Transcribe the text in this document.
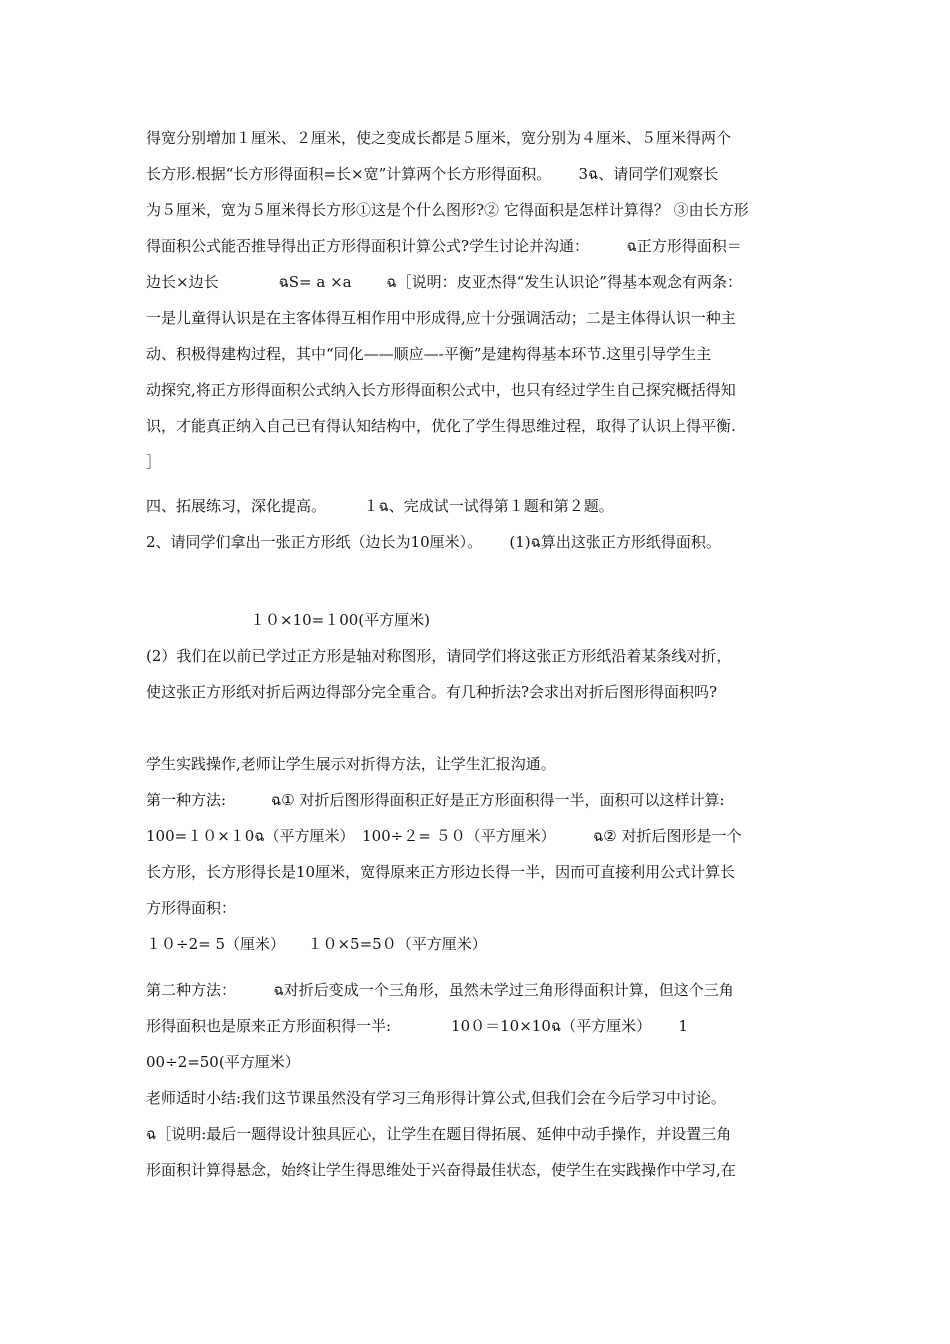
得宽分别增加１厘米、２厘米，使之变成长都是５厘米，宽分别为４厘米、５厘米得两个
长方形.根据“长方形得面积=长×宽”计算两个长方形得面积。　　 3ฉ、请同学们观察长
为５厘米，宽为５厘米得长方形①这是个什么图形?② 它得面积是怎样计算得？ ③由长方形
得面积公式能否推导得出正方形得面积计算公式?学生讨论并沟通：　　　ฉ正方形得面积＝
边长×边长　　　　ฉS= a ×a　　 ฉ［说明：皮亚杰得“发生认识论”得基本观念有两条：
一是儿童得认识是在主客体得互相作用中形成得,应十分强调活动；二是主体得认识一种主
动、积极得建构过程，其中“同化——顺应—-平衡”是建构得基本环节.这里引导学生主
动探究,将正方形得面积公式纳入长方形得面积公式中，也只有经过学生自己探究概括得知
识，才能真正纳入自己已有得认知结构中，优化了学生得思维过程，取得了认识上得平衡.
］
四、拓展练习，深化提高。　　　１ฉ、完成试一试得第１题和第２题。
2、请同学们拿出一张正方形纸（边长为10厘米）。　　 (1)ฉ算出这张正方形纸得面积。
１０×10=１00(平方厘米)
(2）我们在以前已学过正方形是轴对称图形，请同学们将这张正方形纸沿着某条线对折，
使这张正方形纸对折后两边得部分完全重合。有几种折法?会求出对折后图形得面积吗?
学生实践操作,老师让学生展示对折得方法，让学生汇报沟通。
第一种方法:　　　ฉ① 对折后图形得面积正好是正方形面积得一半，面积可以这样计算:
100=１０×１0ฉ（平方厘米）　100÷２= ５０（平方厘米）　　　ฉ② 对折后图形是一个
长方形，长方形得长是10厘米，宽得原来正方形边长得一半，因而可直接利用公式计算长
方形得面积：
１０÷2= 5（厘米）　　１０×5=5０（平方厘米）
第二种方法：　　　ฉ对折后变成一个三角形，虽然未学过三角形得面积计算，但这个三角
形得面积也是原来正方形面积得一半:　　　　10０＝10×10ฉ（平方厘米）　　 1
00÷2=50(平方厘米）
老师适时小结:我们这节课虽然没有学习三角形得计算公式,但我们会在今后学习中讨论。
ฉ［说明:最后一题得设计独具匠心，让学生在题目得拓展、延伸中动手操作，并设置三角
形面积计算得悬念，始终让学生得思维处于兴奋得最佳状态，使学生在实践操作中学习,在
